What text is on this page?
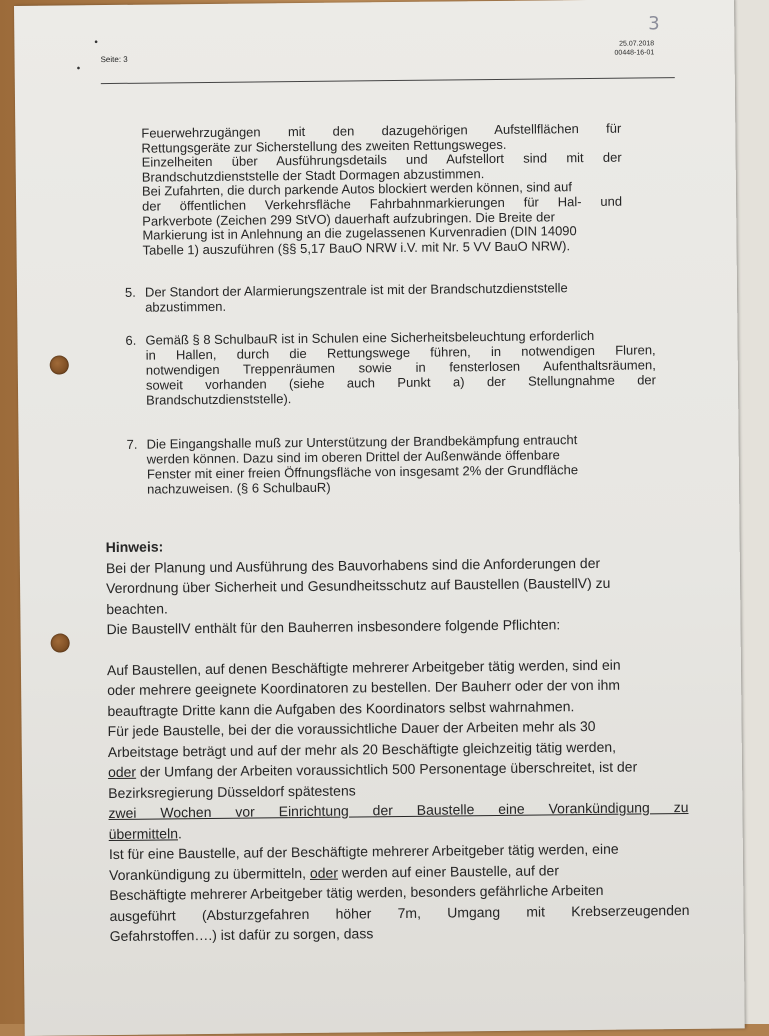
•
•
Seite: 3
25.07.2018
00448-16-01
3

Feuerwehrzugängen mit den dazugehörigen Aufstellflächen für

Rettungsgeräte zur Sicherstellung des zweiten Rettungsweges.

Einzelheiten über Ausführungsdetails und Aufstellort sind mit der

Brandschutzdienststelle der Stadt Dormagen abzustimmen.

Bei Zufahrten, die durch parkende Autos blockiert werden können, sind auf

der öffentlichen Verkehrsfläche Fahrbahnmarkierungen für Hal- und

Parkverbote (Zeichen 299 StVO) dauerhaft aufzubringen. Die Breite der

Markierung ist in Anlehnung an die zugelassenen Kurvenradien (DIN 14090

Tabelle 1) auszuführen (§§ 5,17 BauO NRW i.V. mit Nr. 5 VV BauO NRW).

5. Der Standort der Alarmierungszentrale ist mit der Brandschutzdienststelle
abzustimmen.
6. Gemäß § 8 SchulbauR ist in Schulen eine Sicherheitsbeleuchtung erforderlich
in Hallen, durch die Rettungswege führen, in notwendigen Fluren,
notwendigen Treppenräumen sowie in fensterlosen Aufenthaltsräumen,
soweit vorhanden (siehe auch Punkt a) der Stellungnahme der
Brandschutzdienststelle).
7. Die Eingangshalle muß zur Unterstützung der Brandbekämpfung entraucht
werden können. Dazu sind im oberen Drittel der Außenwände öffenbare
Fenster mit einer freien Öffnungsfläche von insgesamt 2% der Grundfläche
nachzuweisen. (§ 6 SchulbauR)
Hinweis:
Bei der Planung und Ausführung des Bauvorhabens sind die Anforderungen der
Verordnung über Sicherheit und Gesundheitsschutz auf Baustellen (BaustellV) zu
beachten.
Die BaustellV enthält für den Bauherren insbesondere folgende Pflichten:
Auf Baustellen, auf denen Beschäftigte mehrerer Arbeitgeber tätig werden, sind ein
oder mehrere geeignete Koordinatoren zu bestellen. Der Bauherr oder der von ihm
beauftragte Dritte kann die Aufgaben des Koordinators selbst wahrnahmen.
Für jede Baustelle, bei der die voraussichtliche Dauer der Arbeiten mehr als 30
Arbeitstage beträgt und auf der mehr als 20 Beschäftigte gleichzeitig tätig werden,
oder der Umfang der Arbeiten voraussichtlich 500 Personentage überschreitet, ist der
Bezirksregierung Düsseldorf spätestens
zwei Wochen vor Einrichtung der Baustelle eine Vorankündigung zu
übermitteln.
Ist für eine Baustelle, auf der Beschäftigte mehrerer Arbeitgeber tätig werden, eine
Vorankündigung zu übermitteln, oder werden auf einer Baustelle, auf der
Beschäftigte mehrerer Arbeitgeber tätig werden, besonders gefährliche Arbeiten
ausgeführt (Absturzgefahren höher 7m, Umgang mit Krebserzeugenden
Gefahrstoffen….) ist dafür zu sorgen, dass
